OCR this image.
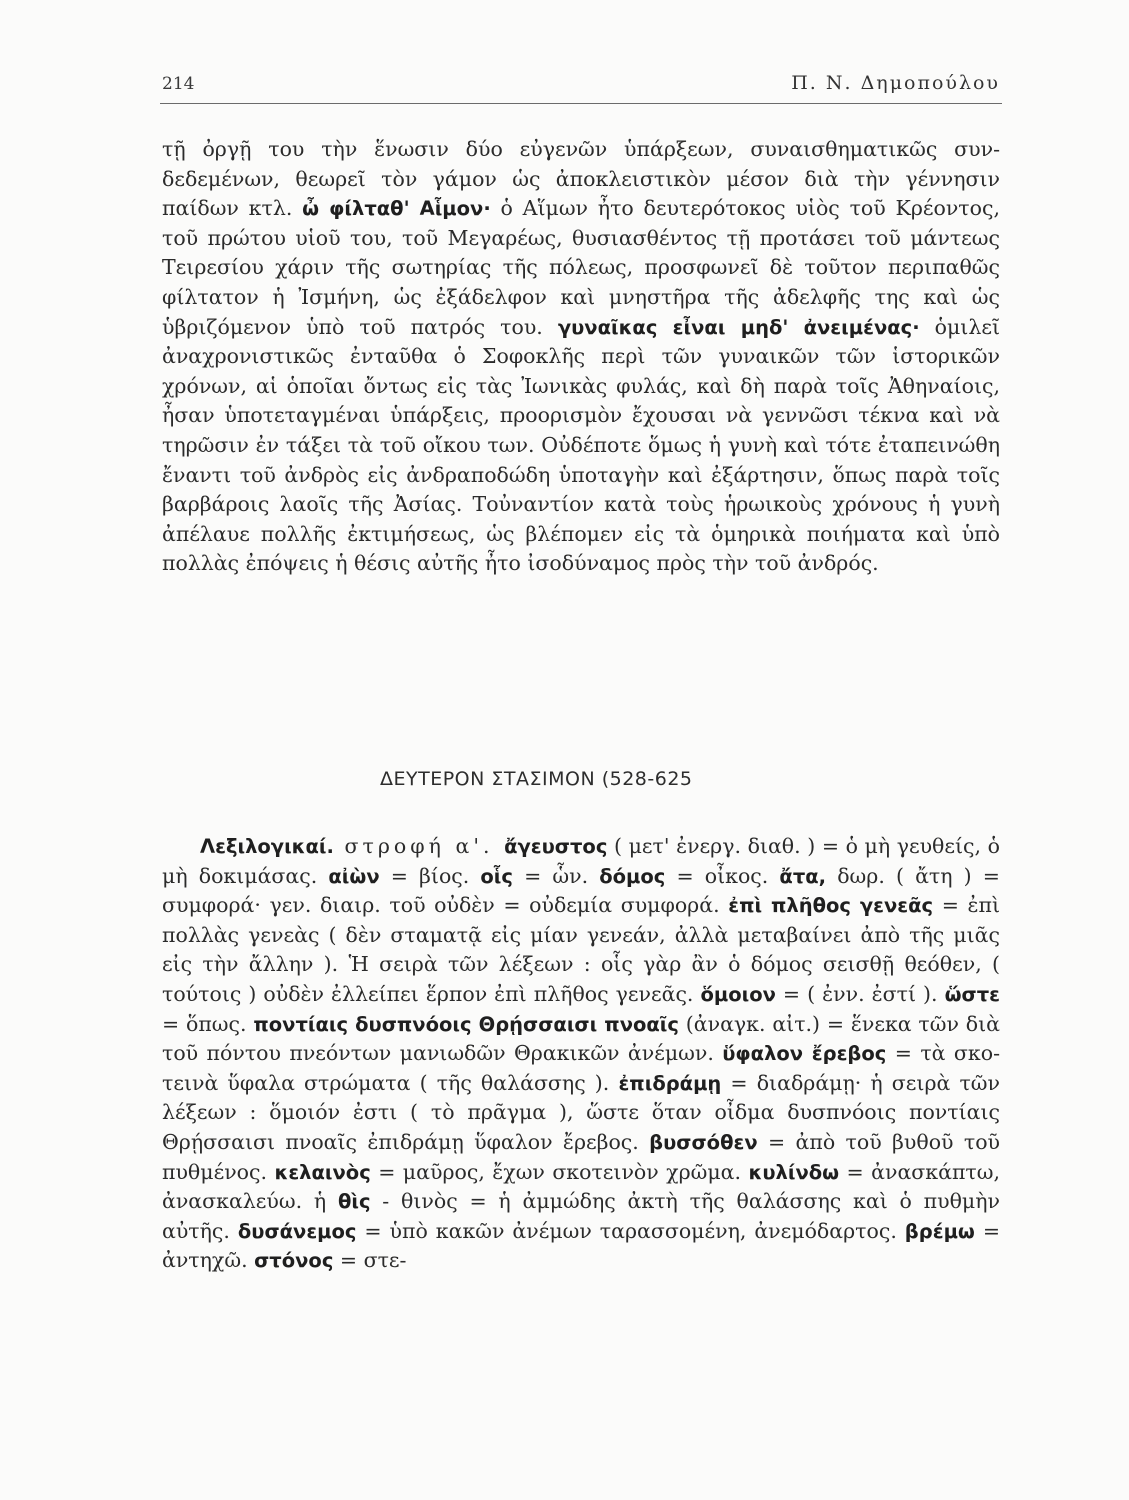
214	Π. Ν. Δημοπούλου

τῇ ὀργῇ του τὴν ἕνωσιν δύο εὐγενῶν ὑπάρξεων, συναισθηματικῶς συνδεδεμένων, θεωρεῖ τὸν γάμον ὡς ἀποκλειστικὸν μέσον διὰ τὴν γέννησιν παίδων κτλ. ὦ φίλταθ' Αἷμον· ὁ Αἵμων ἦτο δευτερότοκος υἱὸς τοῦ Κρέοντος, τοῦ πρώτου υἱοῦ του, τοῦ Μεγαρέως, θυσιασθέντος τῇ προτάσει τοῦ μάντεως Τειρεσίου χάριν τῆς σωτηρίας τῆς πόλεως, προσφωνεῖ δὲ τοῦτον περιπαθῶς φίλτατον ἡ Ἰσμήνη, ὡς ἐξάδελφον καὶ μνηστῆρα τῆς ἀδελφῆς της καὶ ὡς ὑβριζόμενον ὑπὸ τοῦ πατρός του. γυναῖκας εἶναι μηδ' ἀνειμένας· ὁμιλεῖ ἀναχρονιστικῶς ἐνταῦθα ὁ Σοφοκλῆς περὶ τῶν γυναικῶν τῶν ἱστορικῶν χρόνων, αἱ ὁποῖαι ὄντως εἰς τὰς Ἰωνικὰς φυλάς, καὶ δὴ παρὰ τοῖς Ἀθηναίοις, ἦσαν ὑποτεταγμέναι ὑπάρξεις, προορισμὸν ἔχουσαι νὰ γεννῶσι τέκνα καὶ νὰ τηρῶσιν ἐν τάξει τὰ τοῦ οἴκου των. Οὐδέποτε ὅμως ἡ γυνὴ καὶ τότε ἐταπεινώθη ἔναντι τοῦ ἀνδρὸς εἰς ἀνδραποδώδη ὑποταγὴν καὶ ἐξάρτησιν, ὅπως παρὰ τοῖς βαρβάροις λαοῖς τῆς Ἀσίας. Τοὐναντίον κατὰ τοὺς ἡρωικοὺς χρόνους ἡ γυνὴ ἀπέλαυε πολλῆς ἐκτιμήσεως, ὡς βλέπομεν εἰς τὰ ὁμηρικὰ ποιήματα καὶ ὑπὸ πολλὰς ἐπόψεις ἡ θέσις αὐτῆς ἦτο ἰσοδύναμος πρὸς τὴν τοῦ ἀνδρός.

ΔΕΥΤΕΡΟΝ ΣΤΑΣΙΜΟΝ (528-625

Λεξιλογικαί. στροφή α'. ἄγευστος ( μετ' ἐνεργ. διαθ. ) = ὁ μὴ γευθείς, ὁ μὴ δοκιμάσας. αἰὼν = βίος. οἷς = ὧν. δόμος = οἶκος. ἄτα, δωρ. ( ἄτη ) = συμφορά· γεν. διαιρ. τοῦ οὐδὲν = οὐδεμία συμφορά. ἐπὶ πλῆθος γενεᾶς = ἐπὶ πολλὰς γενεὰς ( δὲν σταματᾷ εἰς μίαν γενεάν, ἀλλὰ μεταβαίνει ἀπὸ τῆς μιᾶς εἰς τὴν ἄλλην ). Ἡ σειρὰ τῶν λέξεων : οἷς γὰρ ἂν ὁ δόμος σεισθῇ θεόθεν, ( τούτοις ) οὐδὲν ἐλλείπει ἕρπον ἐπὶ πλῆθος γενεᾶς. ὅμοιον = ( ἐνν. ἐστί ). ὥστε = ὅπως. ποντίαις δυσπνόοις Θρῄσσαισι πνοαῖς (ἀναγκ. αἰτ.) = ἕνεκα τῶν διὰ τοῦ πόντου πνεόντων μανιωδῶν Θρακικῶν ἀνέμων. ὕφαλον ἔρεβος = τὰ σκοτεινὰ ὕφαλα στρώματα ( τῆς θαλάσσης ). ἐπιδράμῃ = διαδράμῃ· ἡ σειρὰ τῶν λέξεων : ὅμοιόν ἐστι ( τὸ πρᾶγμα ), ὥστε ὅταν οἶδμα δυσπνόοις ποντίαις Θρῄσσαισι πνοαῖς ἐπιδράμῃ ὕφαλον ἔρεβος. βυσσόθεν = ἀπὸ τοῦ βυθοῦ τοῦ πυθμένος. κελαινὸς = μαῦρος, ἔχων σκοτεινὸν χρῶμα. κυλίνδω = ἀνασκάπτω, ἀνασκαλεύω. ἡ θὶς - θινὸς = ἡ ἀμμώδης ἀκτὴ τῆς θαλάσσης καὶ ὁ πυθμὴν αὐτῆς. δυσάνεμος = ὑπὸ κακῶν ἀνέμων ταρασσομένη, ἀνεμόδαρτος. βρέμω = ἀντηχῶ. στόνος = στε-
